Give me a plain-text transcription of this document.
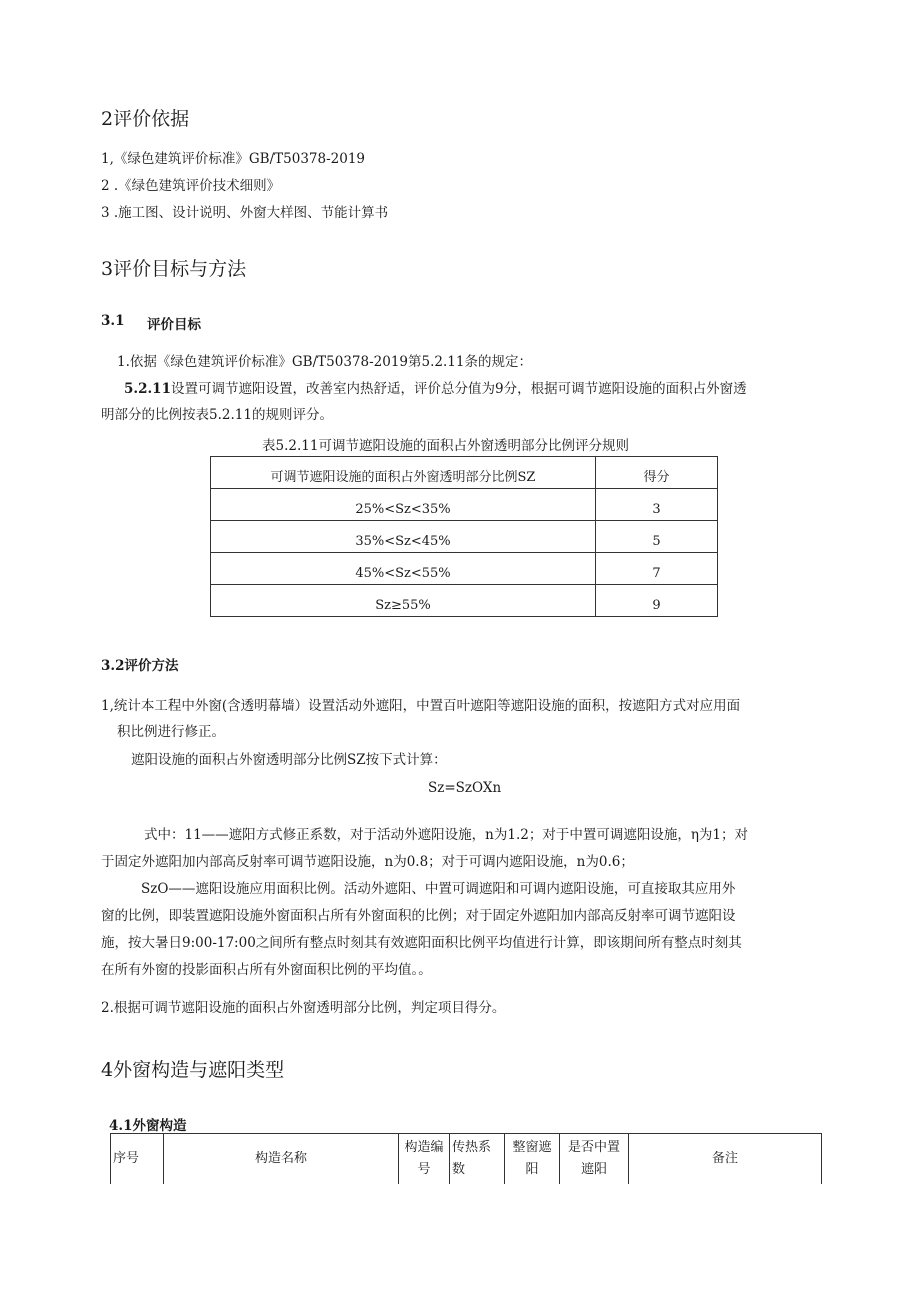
2评价依据
1,《绿色建筑评价标准》GB/T50378-2019
2 .《绿色建筑评价技术细则》
3 .施工图、设计说明、外窗大样图、节能计算书
3评价目标与方法
3.1 评价目标
1.依据《绿色建筑评价标准》GB/T50378-2019第5.2.11条的规定：
5.2.11设置可调节遮阳设置，改善室内热舒适，评价总分值为9分，根据可调节遮阳设施的面积占外窗透
明部分的比例按表5.2.11的规则评分。
表5.2.11可调节遮阳设施的面积占外窗透明部分比例评分规则
可调节遮阳设施的面积占外窗透明部分比例SZ	得分
25%<Sz<35%	3
35%<Sz<45%	5
45%<Sz<55%	7
Sz≥55%	9
3.2评价方法
1,统计本工程中外窗(含透明幕墙）设置活动外遮阳，中置百叶遮阳等遮阳设施的面积，按遮阳方式对应用面
积比例进行修正。
遮阳设施的面积占外窗透明部分比例SZ按下式计算：
Sz=SzOXn
式中：11——遮阳方式修正系数，对于活动外遮阳设施，n为1.2；对于中置可调遮阳设施，η为1；对
于固定外遮阳加内部高反射率可调节遮阳设施，n为0.8；对于可调内遮阳设施，n为0.6；
SzO——遮阳设施应用面积比例。活动外遮阳、中置可调遮阳和可调内遮阳设施，可直接取其应用外
窗的比例，即装置遮阳设施外窗面积占所有外窗面积的比例；对于固定外遮阳加内部高反射率可调节遮阳设
施，按大暑日9:00-17:00之间所有整点时刻其有效遮阳面积比例平均值进行计算，即该期间所有整点时刻其
在所有外窗的投影面积占所有外窗面积比例的平均值。。
2.根据可调节遮阳设施的面积占外窗透明部分比例，判定项目得分。
4外窗构造与遮阳类型
4.1外窗构造
序号	构造名称	构造编号	传热系数	整窗遮阳	是否中置遮阳	备注
